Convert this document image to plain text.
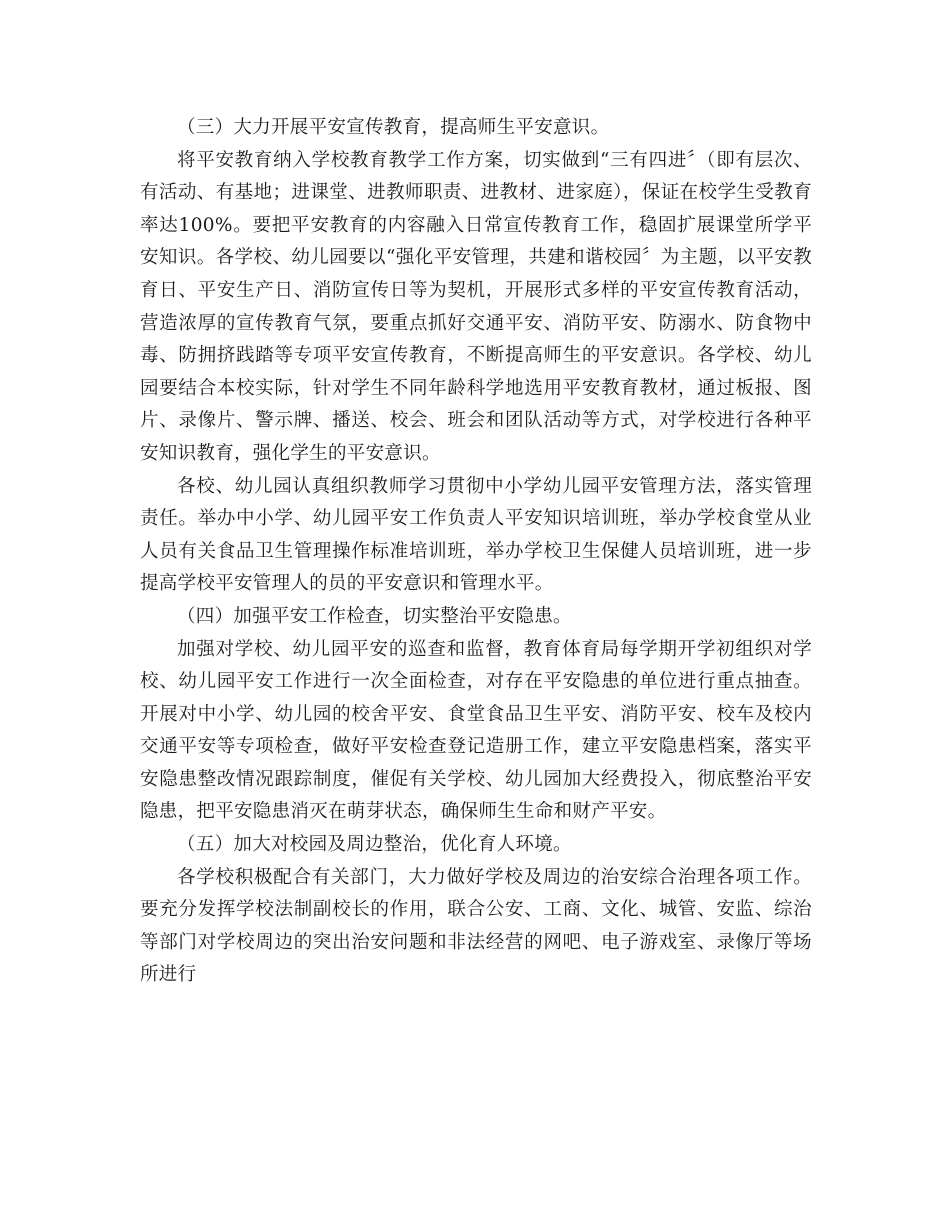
（三）大力开展平安宣传教育，提高师生平安意识。

将平安教育纳入学校教育教学工作方案，切实做到“三有四进〞（即有层次、有活动、有基地；进课堂、进教师职责、进教材、进家庭），保证在校学生受教育率达100%。要把平安教育的内容融入日常宣传教育工作，稳固扩展课堂所学平安知识。各学校、幼儿园要以“强化平安管理，共建和谐校园〞为主题，以平安教育日、平安生产日、消防宣传日等为契机，开展形式多样的平安宣传教育活动，营造浓厚的宣传教育气氛，要重点抓好交通平安、消防平安、防溺水、防食物中毒、防拥挤践踏等专项平安宣传教育，不断提高师生的平安意识。各学校、幼儿园要结合本校实际，针对学生不同年龄科学地选用平安教育教材，通过板报、图片、录像片、警示牌、播送、校会、班会和团队活动等方式，对学校进行各种平安知识教育，强化学生的平安意识。

各校、幼儿园认真组织教师学习贯彻中小学幼儿园平安管理方法，落实管理责任。举办中小学、幼儿园平安工作负责人平安知识培训班，举办学校食堂从业人员有关食品卫生管理操作标准培训班，举办学校卫生保健人员培训班，进一步提高学校平安管理人的员的平安意识和管理水平。

（四）加强平安工作检查，切实整治平安隐患。

加强对学校、幼儿园平安的巡查和监督，教育体育局每学期开学初组织对学校、幼儿园平安工作进行一次全面检查，对存在平安隐患的单位进行重点抽查。开展对中小学、幼儿园的校舍平安、食堂食品卫生平安、消防平安、校车及校内交通平安等专项检查，做好平安检查登记造册工作，建立平安隐患档案，落实平安隐患整改情况跟踪制度，催促有关学校、幼儿园加大经费投入，彻底整治平安隐患，把平安隐患消灭在萌芽状态，确保师生生命和财产平安。

（五）加大对校园及周边整治，优化育人环境。

各学校积极配合有关部门，大力做好学校及周边的治安综合治理各项工作。要充分发挥学校法制副校长的作用，联合公安、工商、文化、城管、安监、综治等部门对学校周边的突出治安问题和非法经营的网吧、电子游戏室、录像厅等场所进行
